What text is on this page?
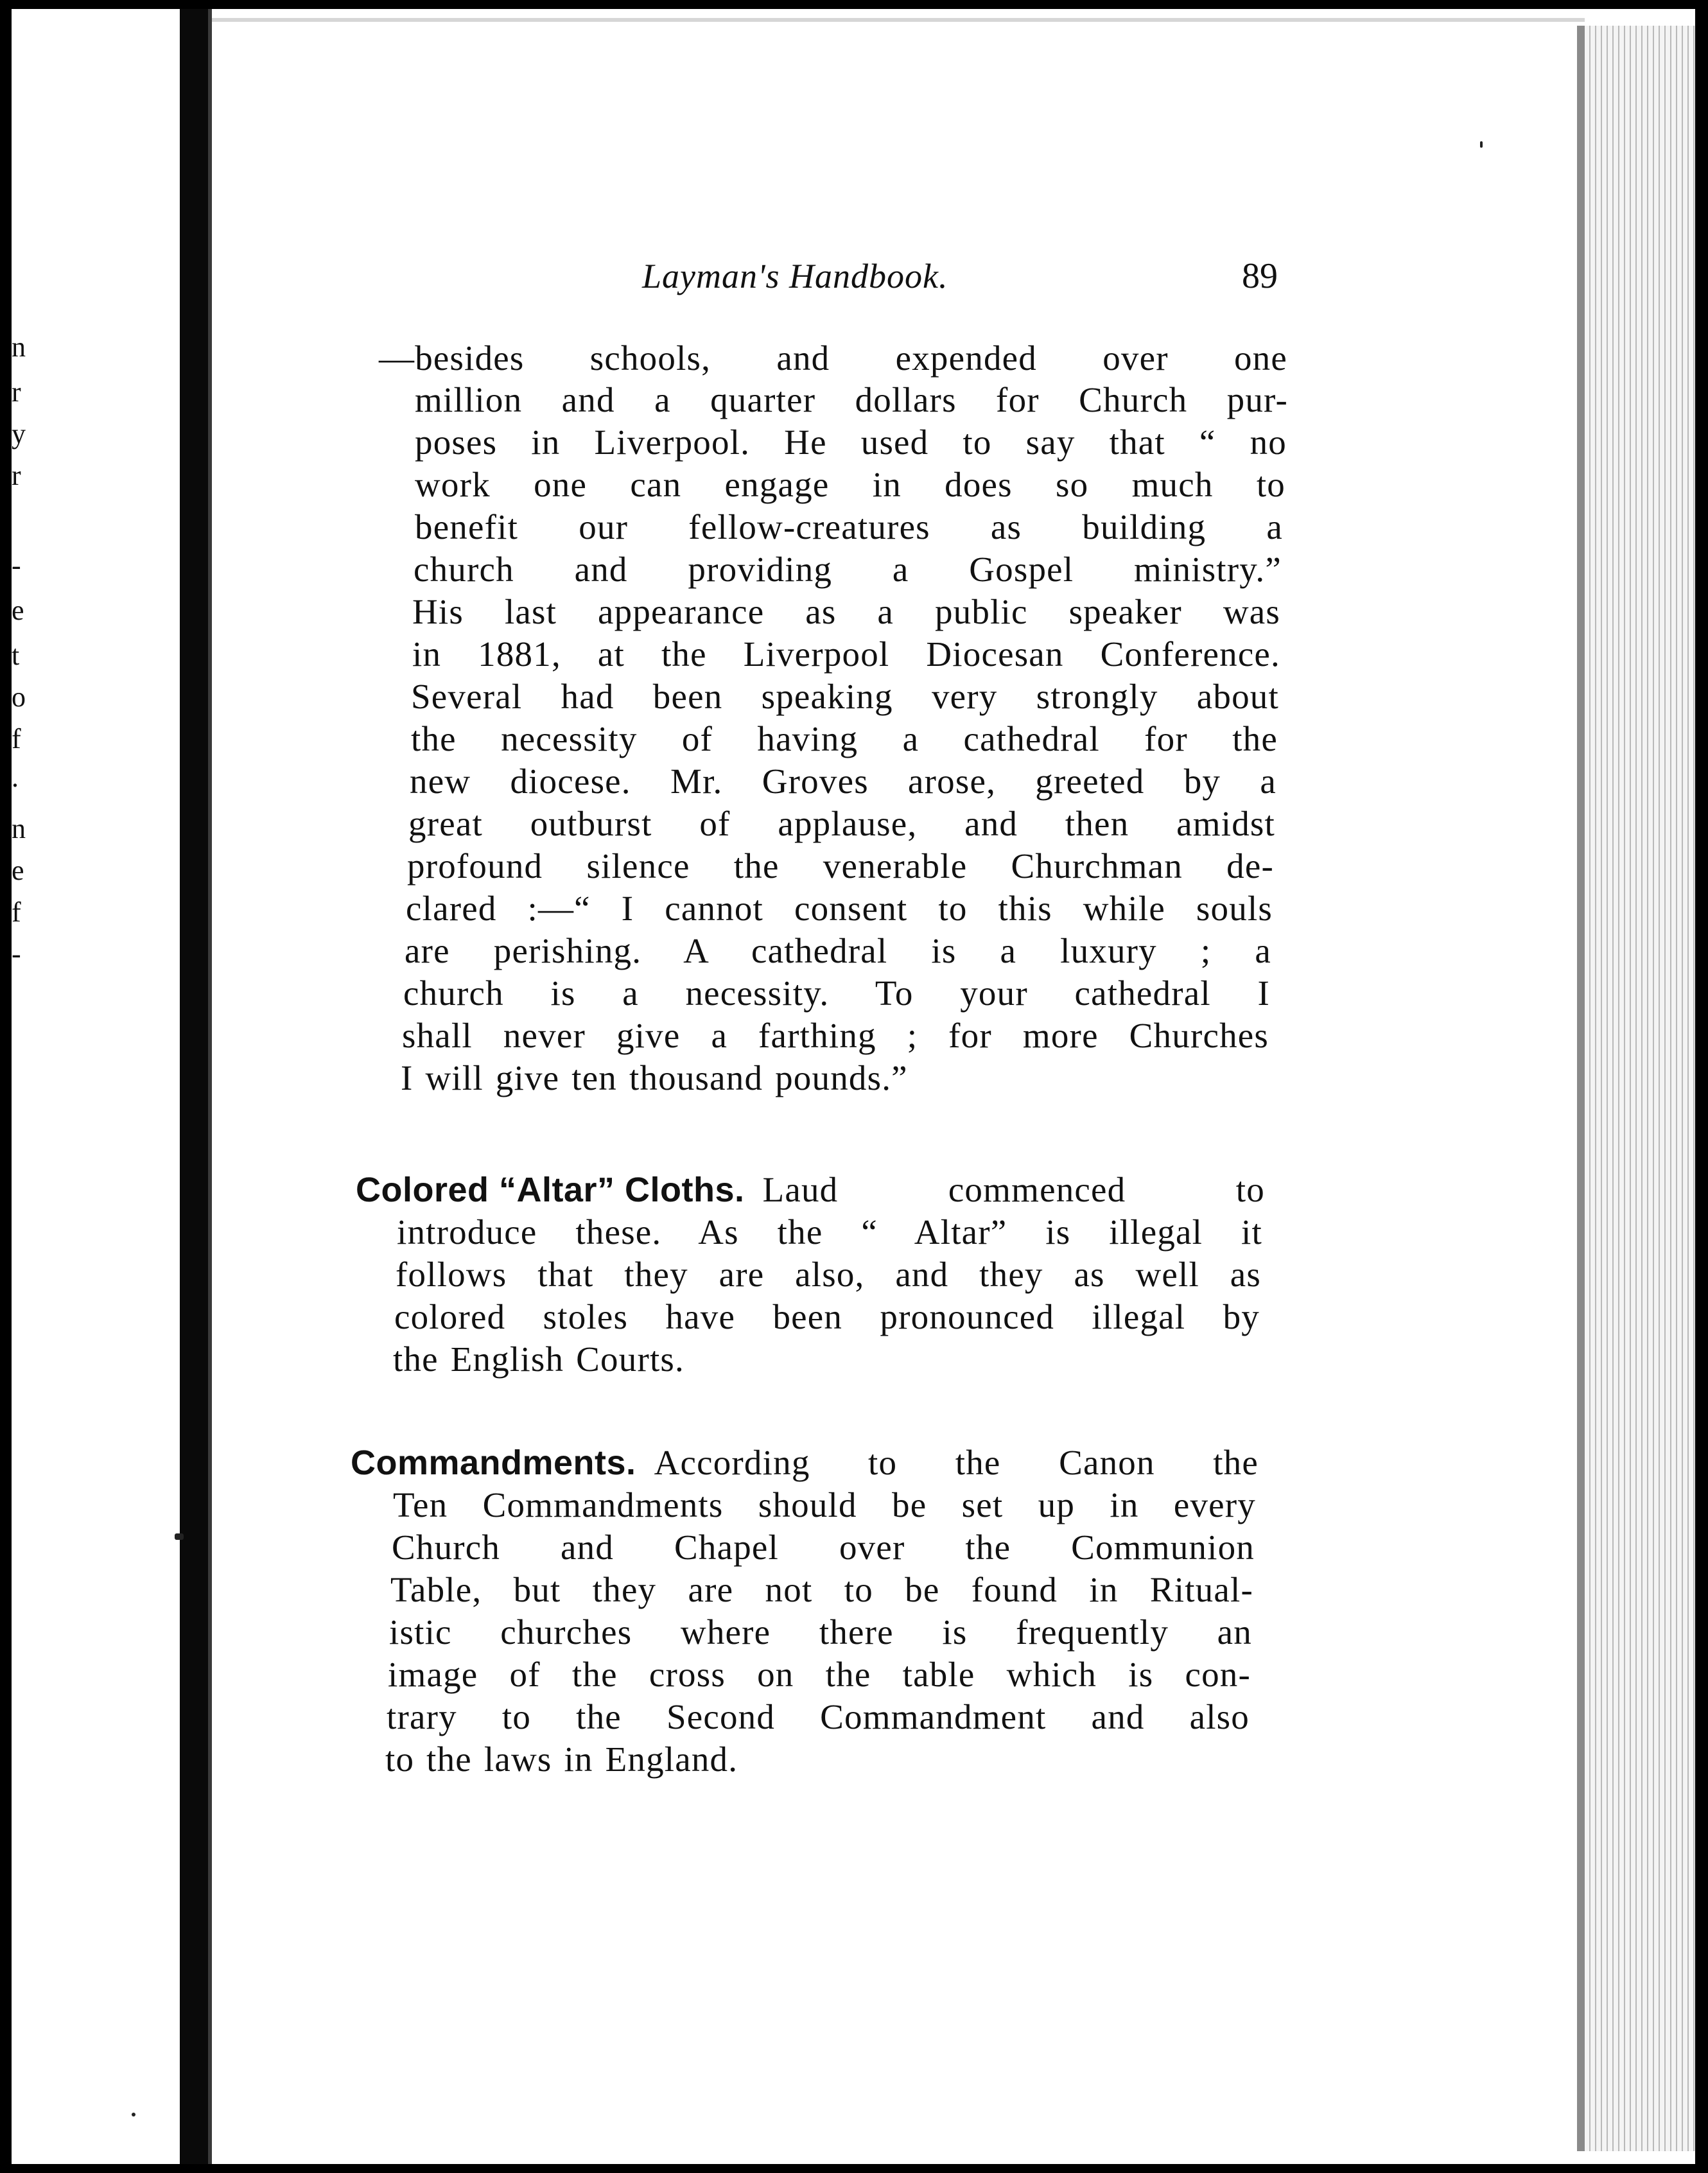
n
r
y
r
-
e
t
o
f
.
n
e
f
-
Layman's Handbook.	89
—besides schools, and expended over one
million and a quarter dollars for Church pur-
poses in Liverpool. He used to say that “ no
work one can engage in does so much to
benefit our fellow-creatures as building a
church and providing a Gospel ministry.”
His last appearance as a public speaker was
in 1881, at the Liverpool Diocesan Conference.
Several had been speaking very strongly about
the necessity of having a cathedral for the
new diocese. Mr. Groves arose, greeted by a
great outburst of applause, and then amidst
profound silence the venerable Churchman de-
clared :—“ I cannot consent to this while souls
are perishing. A cathedral is a luxury ; a
church is a necessity. To your cathedral I
shall never give a farthing ; for more Churches
I will give ten thousand pounds.”
Colored “Altar” Cloths. Laud commenced to
introduce these. As the “ Altar” is illegal it
follows that they are also, and they as well as
colored stoles have been pronounced illegal by
the English Courts.
Commandments. According to the Canon the
Ten Commandments should be set up in every
Church and Chapel over the Communion
Table, but they are not to be found in Ritual-
istic churches where there is frequently an
image of the cross on the table which is con-
trary to the Second Commandment and also
to the laws in England.
